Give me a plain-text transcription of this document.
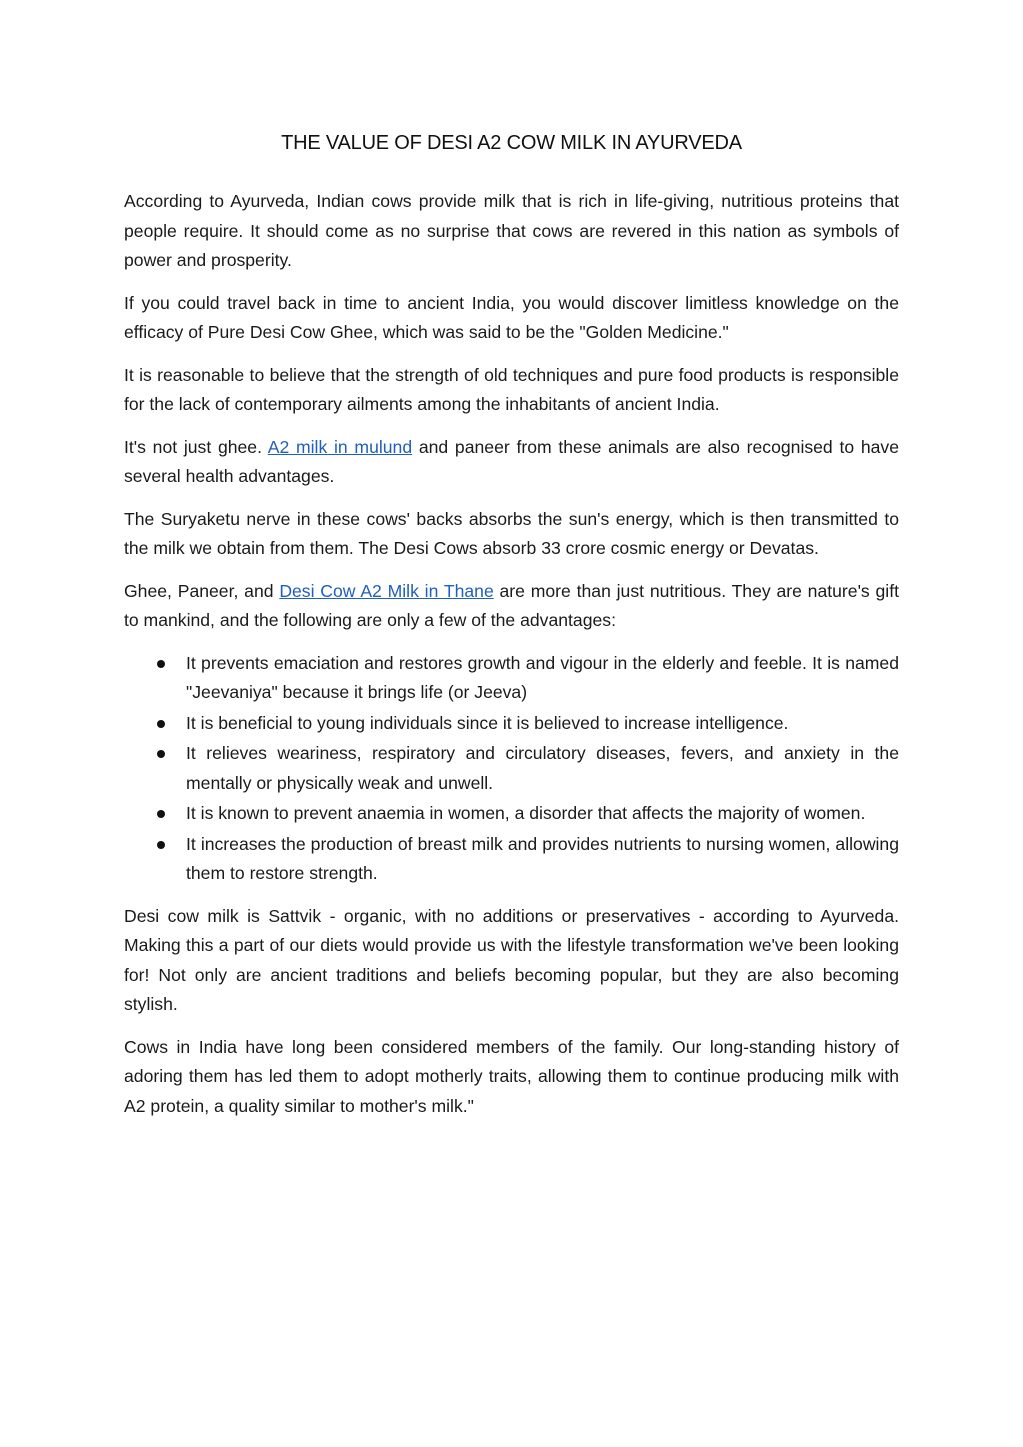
THE VALUE OF DESI A2 COW MILK IN AYURVEDA

According to Ayurveda, Indian cows provide milk that is rich in life-giving, nutritious proteins that people require. It should come as no surprise that cows are revered in this nation as symbols of power and prosperity.

If you could travel back in time to ancient India, you would discover limitless knowledge on the efficacy of Pure Desi Cow Ghee, which was said to be the "Golden Medicine."

It is reasonable to believe that the strength of old techniques and pure food products is responsible for the lack of contemporary ailments among the inhabitants of ancient India.

It's not just ghee. A2 milk in mulund and paneer from these animals are also recognised to have several health advantages.

The Suryaketu nerve in these cows' backs absorbs the sun's energy, which is then transmitted to the milk we obtain from them. The Desi Cows absorb 33 crore cosmic energy or Devatas.

Ghee, Paneer, and Desi Cow A2 Milk in Thane are more than just nutritious. They are nature's gift to mankind, and the following are only a few of the advantages:

It prevents emaciation and restores growth and vigour in the elderly and feeble. It is named "Jeevaniya" because it brings life (or Jeeva)
It is beneficial to young individuals since it is believed to increase intelligence.
It relieves weariness, respiratory and circulatory diseases, fevers, and anxiety in the mentally or physically weak and unwell.
It is known to prevent anaemia in women, a disorder that affects the majority of women.
It increases the production of breast milk and provides nutrients to nursing women, allowing them to restore strength.

Desi cow milk is Sattvik - organic, with no additions or preservatives - according to Ayurveda. Making this a part of our diets would provide us with the lifestyle transformation we've been looking for! Not only are ancient traditions and beliefs becoming popular, but they are also becoming stylish.

Cows in India have long been considered members of the family. Our long-standing history of adoring them has led them to adopt motherly traits, allowing them to continue producing milk with A2 protein, a quality similar to mother's milk."
